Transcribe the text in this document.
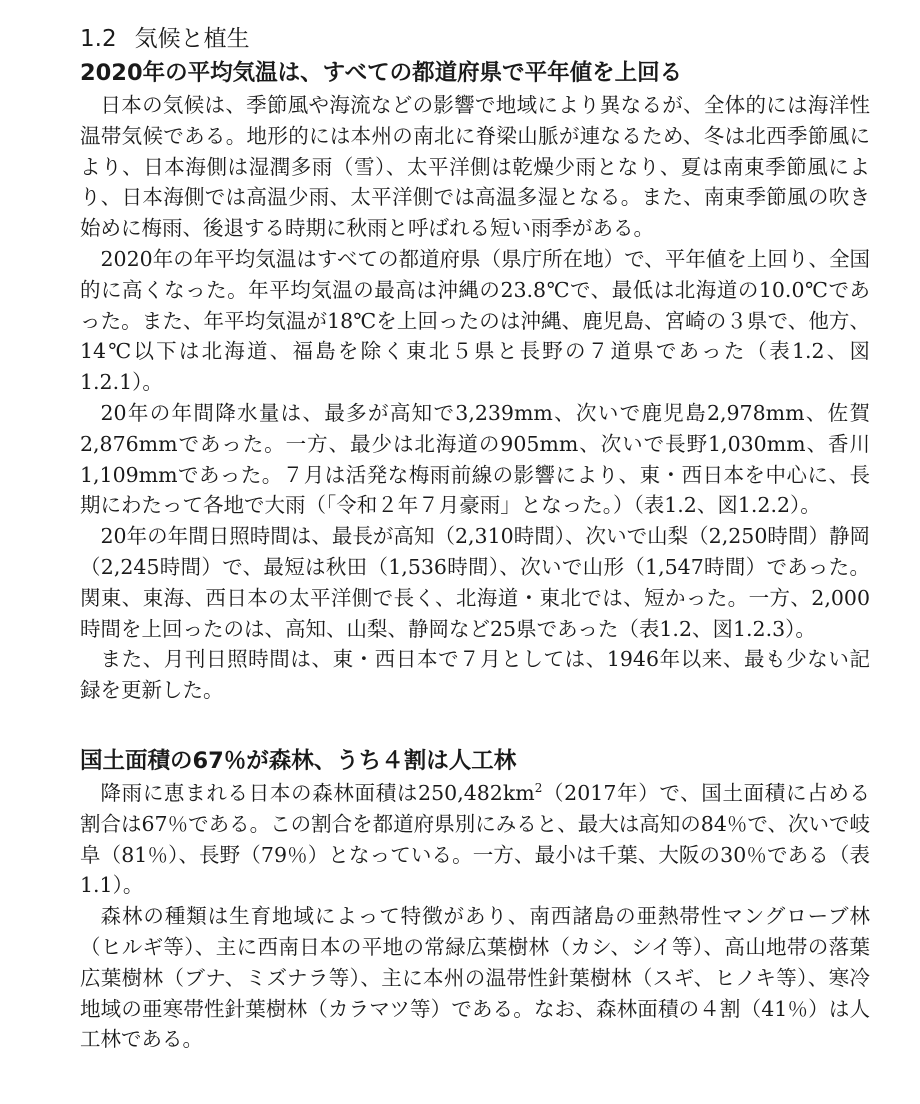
1.2 気候と植生
2020年の平均気温は、すべての都道府県で平年値を上回る

日本の気候は、季節風や海流などの影響で地域により異なるが、全体的には海洋性温帯気候である。地形的には本州の南北に脊梁山脈が連なるため、冬は北西季節風により、日本海側は湿潤多雨（雪）、太平洋側は乾燥少雨となり、夏は南東季節風により、日本海側では高温少雨、太平洋側では高温多湿となる。また、南東季節風の吹き始めに梅雨、後退する時期に秋雨と呼ばれる短い雨季がある。

2020年の年平均気温はすべての都道府県（県庁所在地）で、平年値を上回り、全国的に高くなった。年平均気温の最高は沖縄の23.8℃で、最低は北海道の10.0℃であった。また、年平均気温が18℃を上回ったのは沖縄、鹿児島、宮崎の３県で、他方、14℃以下は北海道、福島を除く東北５県と長野の７道県であった（表1.2、図1.2.1）。

20年の年間降水量は、最多が高知で3,239mm、次いで鹿児島2,978mm、佐賀2,876mmであった。一方、最少は北海道の905mm、次いで長野1,030mm、香川1,109mmであった。７月は活発な梅雨前線の影響により、東・西日本を中心に、長期にわたって各地で大雨（「令和２年７月豪雨」となった。）（表1.2、図1.2.2）。

20年の年間日照時間は、最長が高知（2,310時間）、次いで山梨（2,250時間）静岡（2,245時間）で、最短は秋田（1,536時間）、次いで山形（1,547時間）であった。関東、東海、西日本の太平洋側で長く、北海道・東北では、短かった。一方、2,000時間を上回ったのは、高知、山梨、静岡など25県であった（表1.2、図1.2.3）。

また、月刊日照時間は、東・西日本で７月としては、1946年以来、最も少ない記録を更新した。

国土面積の67％が森林、うち４割は人工林

降雨に恵まれる日本の森林面積は$250,482km^2(2017$年）で、国土面積に占める割合は67％である。この割合を都道府県別にみると、最大は高知の84％で、次いで岐阜（81％）、長野（79％）となっている。一方、最小は千葉、大阪の30％である（表1.1）。

森林の種類は生育地域によって特徴があり、南西諸島の亜熱帯性マングローブ林（ヒルギ等）、主に西南日本の平地の常緑広葉樹林（カシ、シイ等）、高山地帯の落葉広葉樹林（ブナ、ミズナラ等）、主に本州の温帯性針葉樹林（スギ、ヒノキ等）、寒冷地域の亜寒帯性針葉樹林（カラマツ等）である。なお、森林面積の４割（41％）は人工林である。
